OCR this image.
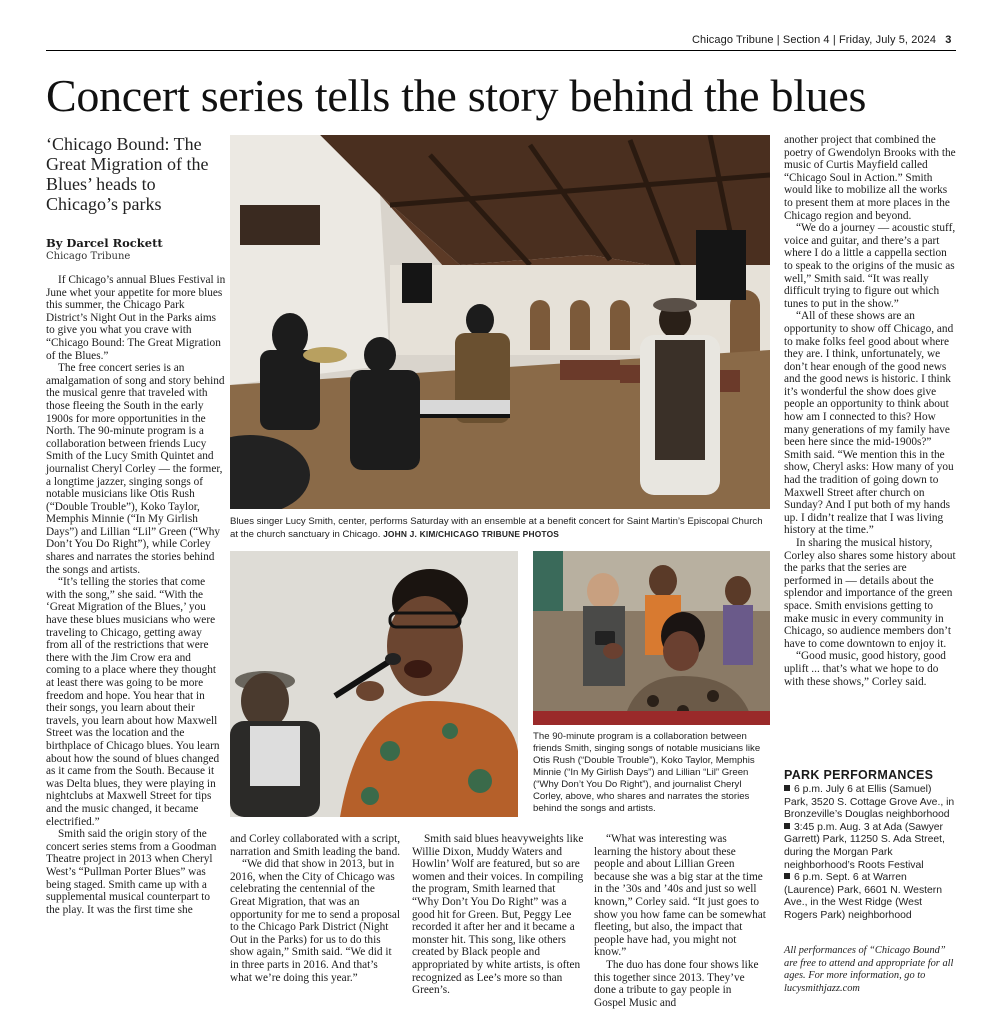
Chicago Tribune | Section 4 | Friday, July 5, 2024 3
Concert series tells the story behind the blues
‘Chicago Bound: The Great Migration of the Blues’ heads to Chicago’s parks
By Darcel Rockett
Chicago Tribune

If Chicago’s annual Blues Festival in June whet your appetite for more blues this summer, the Chicago Park District’s Night Out in the Parks aims to give you what you crave with “Chicago Bound: The Great Migration of the Blues.”

The free concert series is an amalgamation of song and story behind the musical genre that traveled with those fleeing the South in the early 1900s for more opportunities in the North. The 90-minute program is a collaboration between friends Lucy Smith of the Lucy Smith Quintet and journalist Cheryl Corley — the former, a longtime jazzer, singing songs of notable musicians like Otis Rush (“Double Trouble”), Koko Taylor, Memphis Minnie (“In My Girlish Days”) and Lillian “Lil” Green (“Why Don’t You Do Right”), while Corley shares and narrates the stories behind the songs and artists.

“It’s telling the stories that come with the song,” she said. “With the ‘Great Migration of the Blues,’ you have these blues musicians who were traveling to Chicago, getting away from all of the restrictions that were there with the Jim Crow era and coming to a place where they thought at least there was going to be more freedom and hope. You hear that in their songs, you learn about their travels, you learn about how Maxwell Street was the location and the birthplace of Chicago blues. You learn about how the sound of blues changed as it came from the South. Because it was Delta blues, they were playing in nightclubs at Maxwell Street for tips and the music changed, it became electrified.”

Smith said the origin story of the concert series stems from a Goodman Theatre project in 2013 when Cheryl West’s “Pullman Porter Blues” was being staged. Smith came up with a supplemental musical counterpart to the play. It was the first time she

and Corley collaborated with a script, narration and Smith leading the band.

“We did that show in 2013, but in 2016, when the City of Chicago was celebrating the centennial of the Great Migration, that was an opportunity for me to send a proposal to the Chicago Park District (Night Out in the Parks) for us to do this show again,” Smith said. “We did it in three parts in 2016. And that’s what we’re doing this year.”

Smith said blues heavyweights like Willie Dixon, Muddy Waters and Howlin’ Wolf are featured, but so are women and their voices. In compiling the program, Smith learned that “Why Don’t You Do Right” was a good hit for Green. But, Peggy Lee recorded it after her and it became a monster hit. This song, like others created by Black people and appropriated by white artists, is often recognized as Lee’s more so than Green’s.

“What was interesting was learning the history about these people and about Lillian Green because she was a big star at the time in the ’30s and ’40s and just so well known,” Corley said. “It just goes to show you how fame can be somewhat fleeting, but also, the impact that people have had, you might not know.”

The duo has done four shows like this together since 2013. They’ve done a tribute to gay people in Gospel Music and

another project that combined the poetry of Gwendolyn Brooks with the music of Curtis Mayfield called “Chicago Soul in Action.” Smith would like to mobilize all the works to present them at more places in the Chicago region and beyond.

“We do a journey — acoustic stuff, voice and guitar, and there’s a part where I do a little a cappella section to speak to the origins of the music as well,” Smith said. “It was really difficult trying to figure out which tunes to put in the show.”

“All of these shows are an opportunity to show off Chicago, and to make folks feel good about where they are. I think, unfortunately, we don’t hear enough of the good news and the good news is historic. I think it’s wonderful the show does give people an opportunity to think about how am I connected to this? How many generations of my family have been here since the mid-1900s?” Smith said. “We mention this in the show, Cheryl asks: How many of you had the tradition of going down to Maxwell Street after church on Sunday? And I put both of my hands up. I didn’t realize that I was living history at the time.”

In sharing the musical history, Corley also shares some history about the parks that the series are performed in — details about the splendor and importance of the green space. Smith envisions getting to make music in every community in Chicago, so audience members don’t have to come downtown to enjoy it.

“Good music, good history, good uplift ... that’s what we hope to do with these shows,” Corley said.

Blues singer Lucy Smith, center, performs Saturday with an ensemble at a benefit concert for Saint Martin’s Episcopal Church at the church sanctuary in Chicago. JOHN J. KIM/CHICAGO TRIBUNE PHOTOS
The 90-minute program is a collaboration between friends Smith, singing songs of notable musicians like Otis Rush (“Double Trouble”), Koko Taylor, Memphis Minnie (“In My Girlish Days”) and Lillian “Lil” Green (“Why Don’t You Do Right”), and journalist Cheryl Corley, above, who shares and narrates the stories behind the songs and artists.
PARK PERFORMANCES

6 p.m. July 6 at Ellis (Samuel) Park, 3520 S. Cottage Grove Ave., in Bronzeville’s Douglas neighborhood

3:45 p.m. Aug. 3 at Ada (Sawyer Garrett) Park, 11250 S. Ada Street, during the Morgan Park neighborhood’s Roots Festival

6 p.m. Sept. 6 at Warren (Laurence) Park, 6601 N. Western Ave., in the West Ridge (West Rogers Park) neighborhood

All performances of “Chicago Bound” are free to attend and appropriate for all ages. For more information, go to lucysmithjazz.com
